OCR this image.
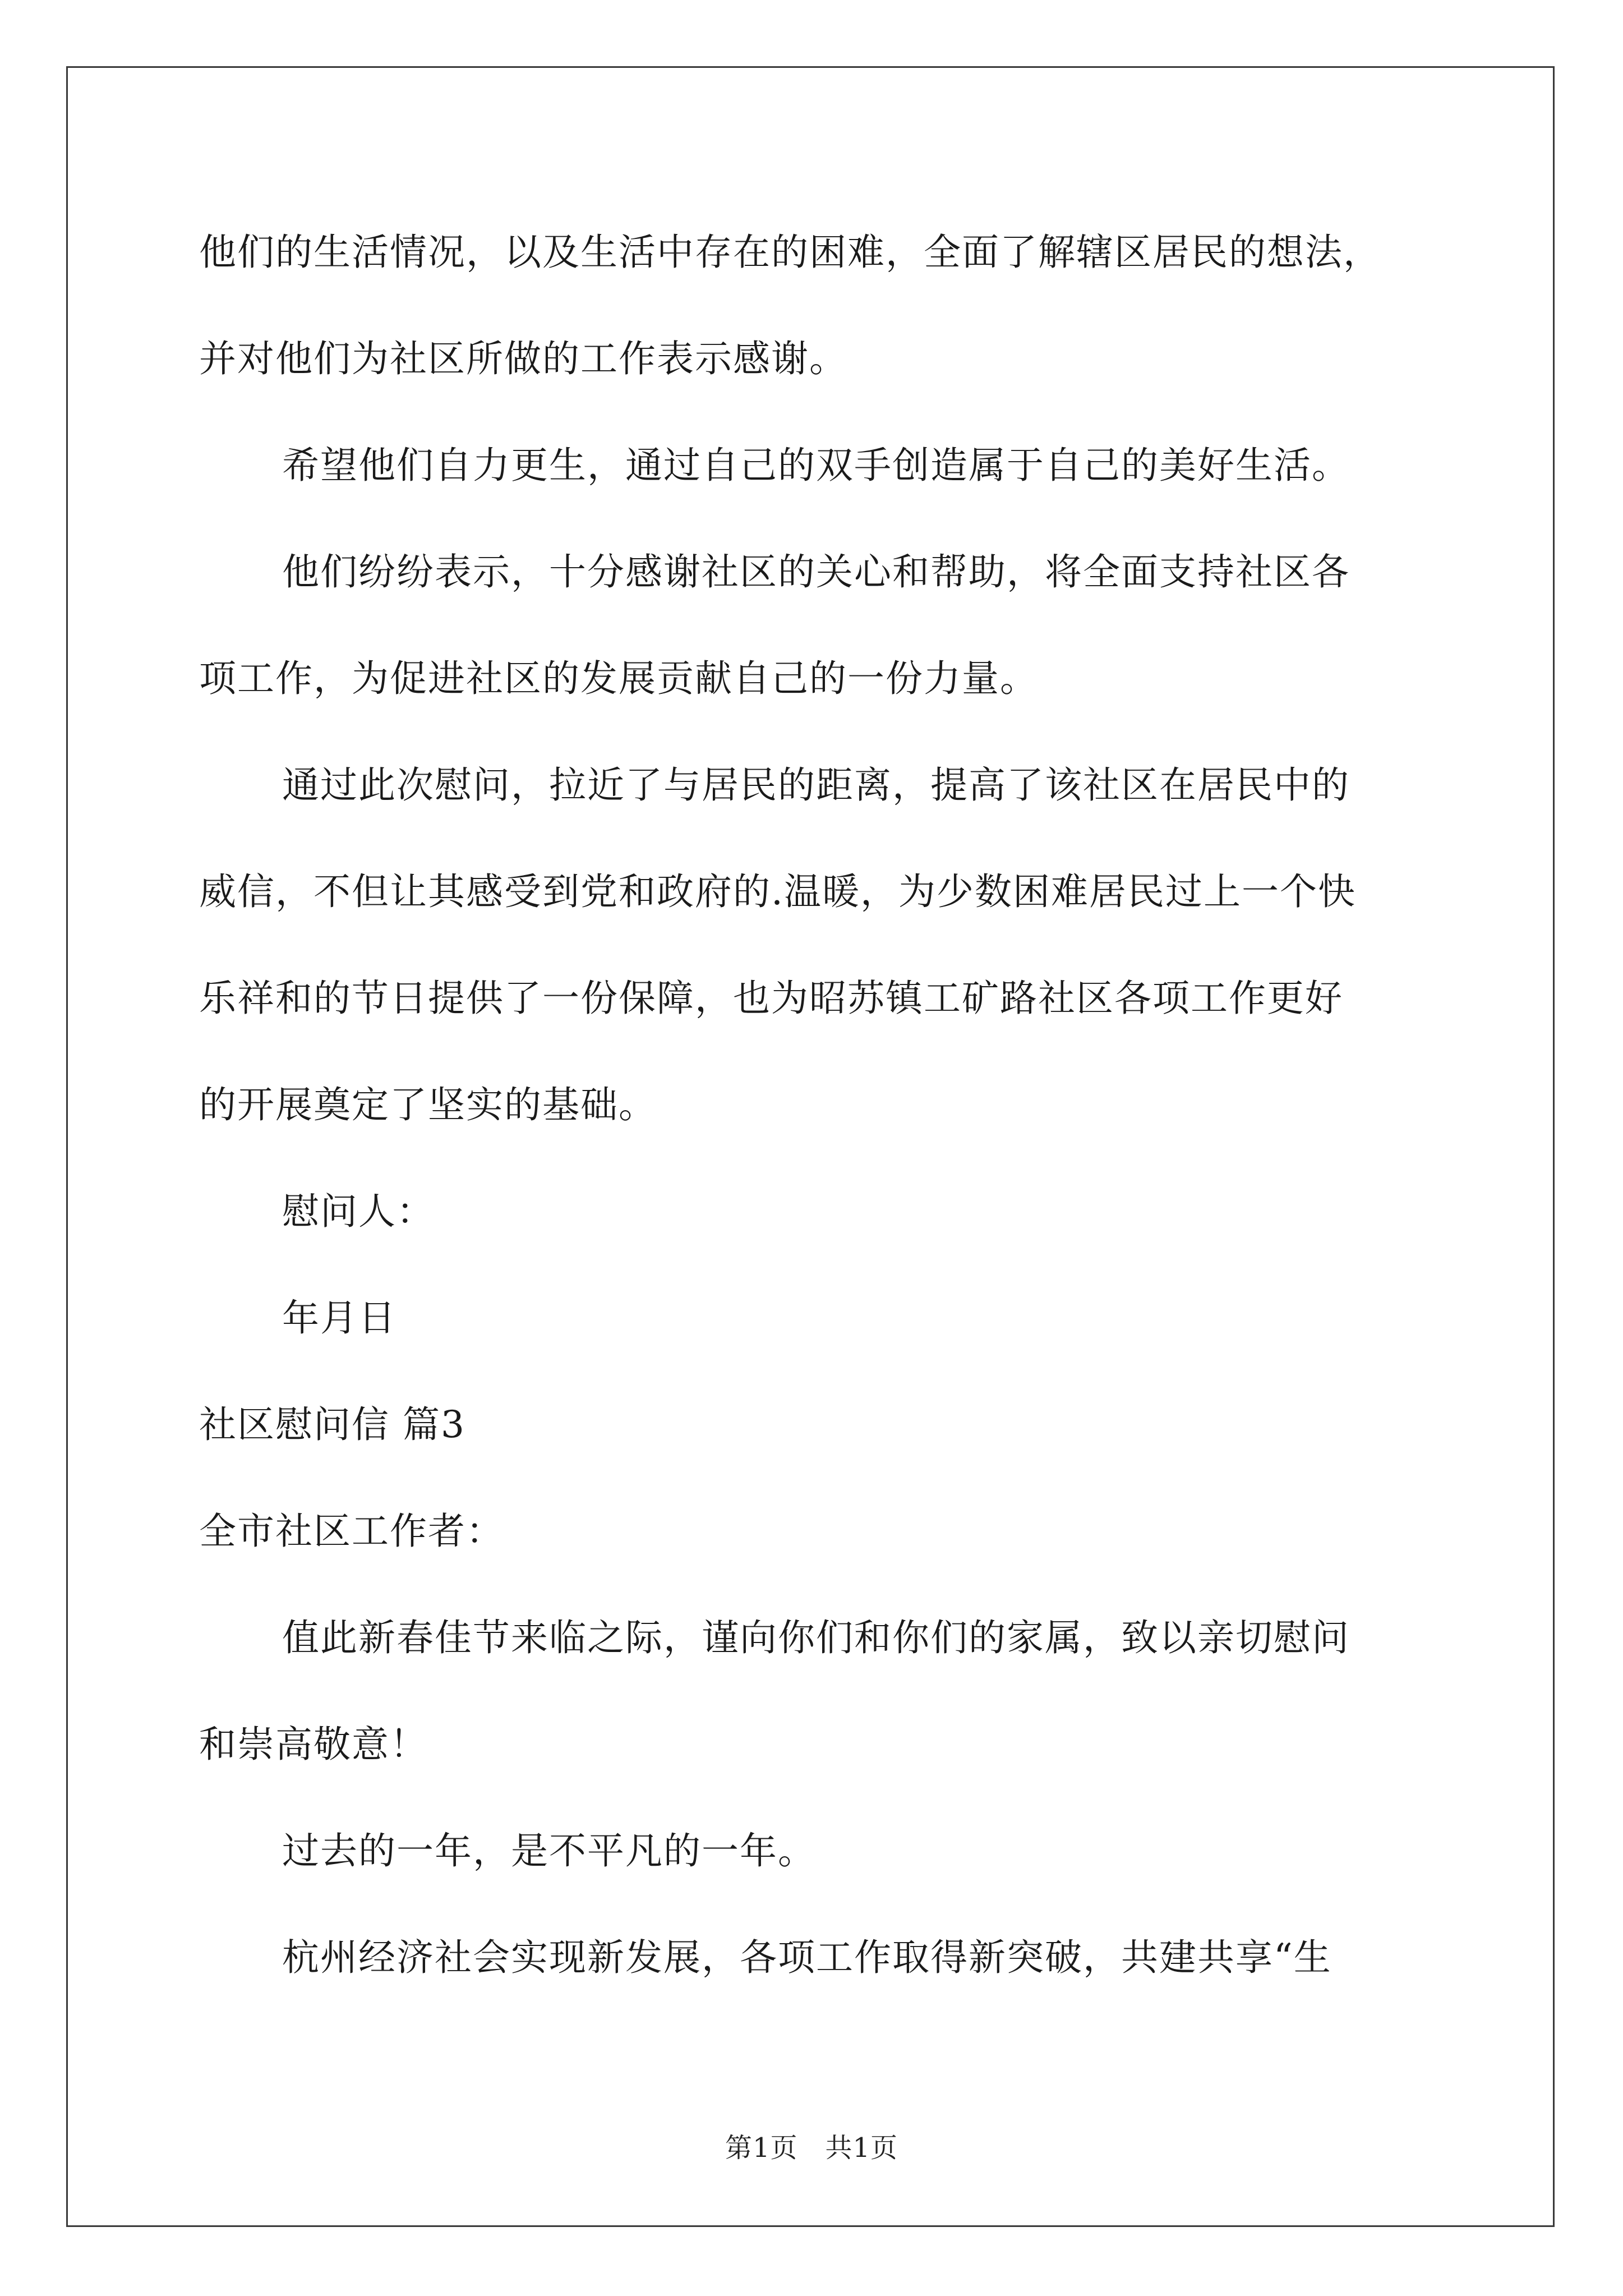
他们的生活情况，以及生活中存在的困难，全面了解辖区居民的想法，
并对他们为社区所做的工作表示感谢。
希望他们自力更生，通过自己的双手创造属于自己的美好生活。
他们纷纷表示，十分感谢社区的关心和帮助，将全面支持社区各
项工作，为促进社区的发展贡献自己的一份力量。
通过此次慰问，拉近了与居民的距离，提高了该社区在居民中的
威信，不但让其感受到党和政府的.温暖，为少数困难居民过上一个快
乐祥和的节日提供了一份保障，也为昭苏镇工矿路社区各项工作更好
的开展奠定了坚实的基础。
慰问人：
年月日
社区慰问信 篇3
全市社区工作者：
值此新春佳节来临之际，谨向你们和你们的家属，致以亲切慰问
和崇高敬意！
过去的一年，是不平凡的一年。
杭州经济社会实现新发展，各项工作取得新突破，共建共享“生
第1页　共1页
